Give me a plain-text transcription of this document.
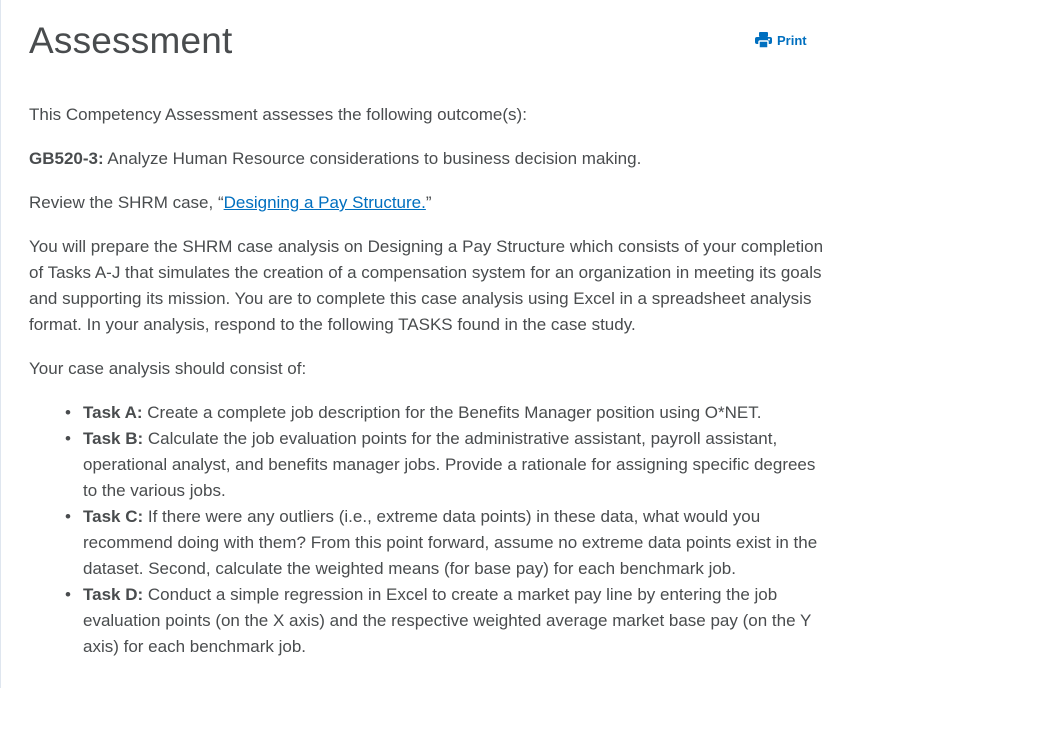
Assessment	Print

This Competency Assessment assesses the following outcome(s):

GB520-3: Analyze Human Resource considerations to business decision making.

Review the SHRM case, “Designing a Pay Structure.”

You will prepare the SHRM case analysis on Designing a Pay Structure which consists of your completion of Tasks A-J that simulates the creation of a compensation system for an organization in meeting its goals and supporting its mission. You are to complete this case analysis using Excel in a spreadsheet analysis format. In your analysis, respond to the following TASKS found in the case study.

Your case analysis should consist of:

• Task A: Create a complete job description for the Benefits Manager position using O*NET.
• Task B: Calculate the job evaluation points for the administrative assistant, payroll assistant, operational analyst, and benefits manager jobs. Provide a rationale for assigning specific degrees to the various jobs.
• Task C: If there were any outliers (i.e., extreme data points) in these data, what would you recommend doing with them? From this point forward, assume no extreme data points exist in the dataset. Second, calculate the weighted means (for base pay) for each benchmark job.
• Task D: Conduct a simple regression in Excel to create a market pay line by entering the job evaluation points (on the X axis) and the respective weighted average market base pay (on the Y axis) for each benchmark job.
